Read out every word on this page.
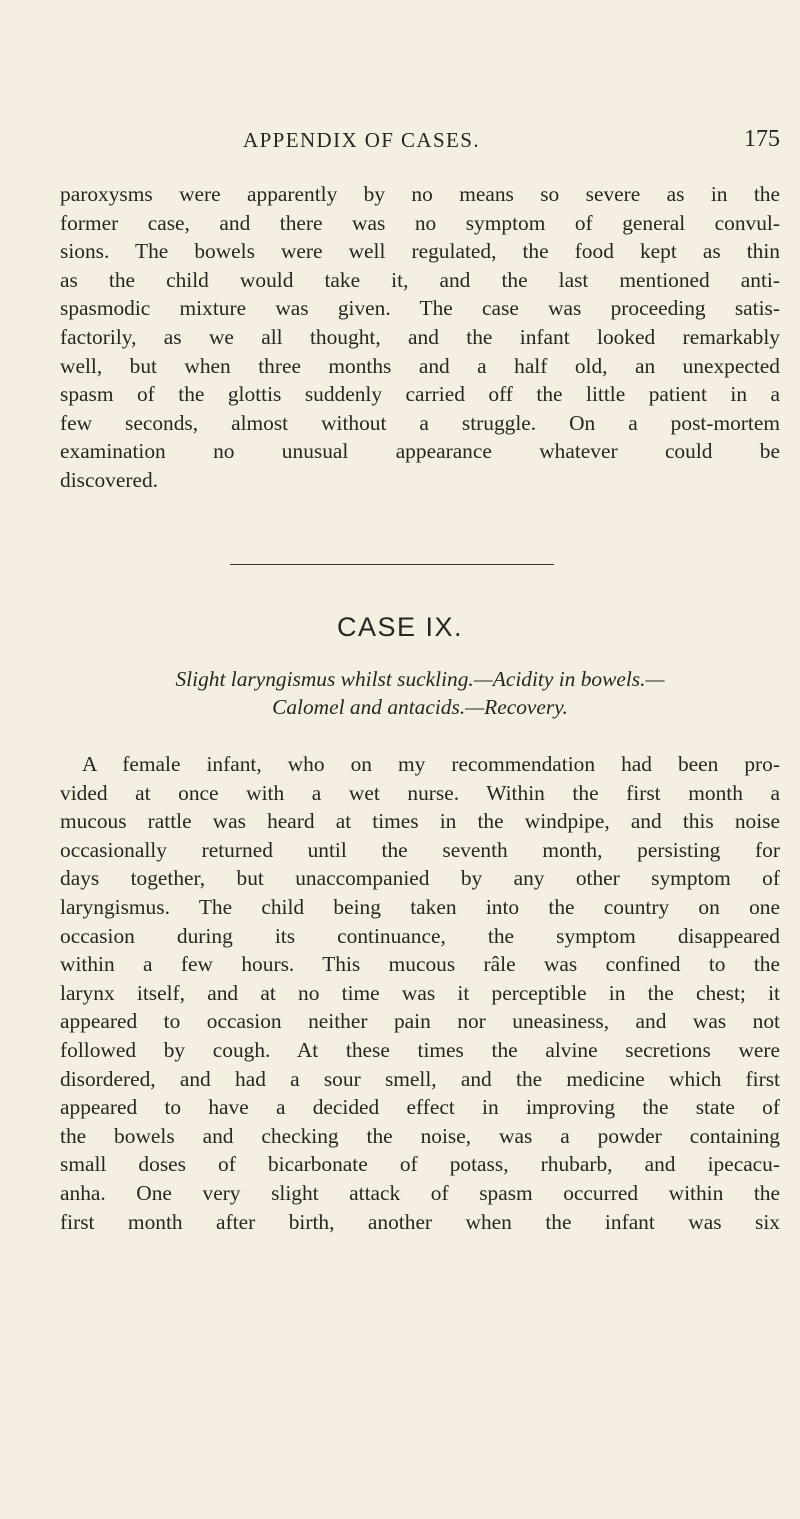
APPENDIX OF CASES.	175

paroxysms were apparently by no means so severe as in the
former case, and there was no symptom of general convul-
sions. The bowels were well regulated, the food kept as thin
as the child would take it, and the last mentioned anti-
spasmodic mixture was given. The case was proceeding satis-
factorily, as we all thought, and the infant looked remarkably
well, but when three months and a half old, an unexpected
spasm of the glottis suddenly carried off the little patient in a
few seconds, almost without a struggle. On a post-mortem
examination no unusual appearance whatever could be
discovered.

CASE IX.
Slight laryngismus whilst suckling.—Acidity in bowels.—
Calomel and antacids.—Recovery.

A female infant, who on my recommendation had been pro-
vided at once with a wet nurse. Within the first month a
mucous rattle was heard at times in the windpipe, and this noise
occasionally returned until the seventh month, persisting for
days together, but unaccompanied by any other symptom of
laryngismus. The child being taken into the country on one
occasion during its continuance, the symptom disappeared
within a few hours. This mucous râle was confined to the
larynx itself, and at no time was it perceptible in the chest; it
appeared to occasion neither pain nor uneasiness, and was not
followed by cough. At these times the alvine secretions were
disordered, and had a sour smell, and the medicine which first
appeared to have a decided effect in improving the state of
the bowels and checking the noise, was a powder containing
small doses of bicarbonate of potass, rhubarb, and ipecacu-
anha. One very slight attack of spasm occurred within the
first month after birth, another when the infant was six
